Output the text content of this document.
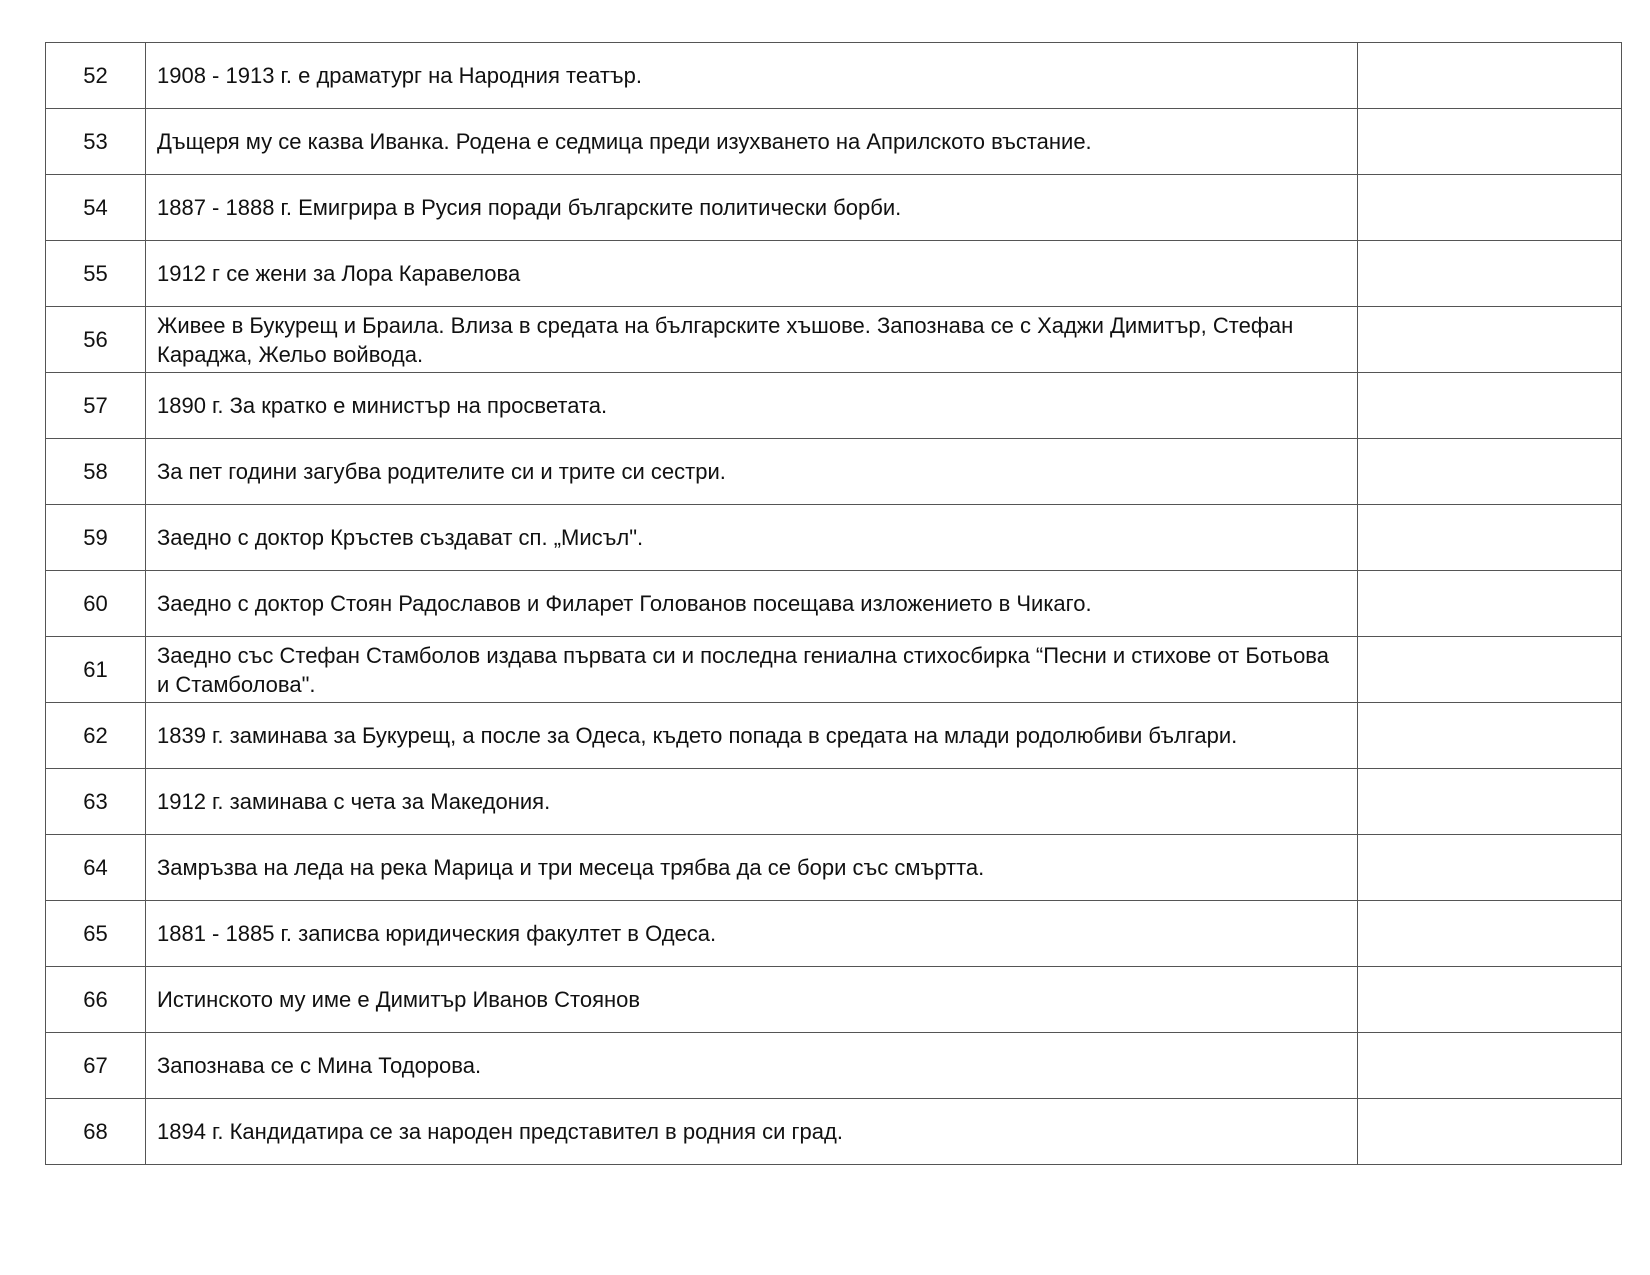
52	1908 - 1913 г. е драматург на Народния театър.	
53	Дъщеря му се казва Иванка. Родена е седмица преди изухването на Априлското въстание.	
54	1887 - 1888 г. Емигрира в Русия поради българските политически борби.	
55	1912 г се жени за Лора Каравелова	
56	Живее в Букурещ и Браила. Влиза в средата на българските хъшове. Запознава се с Хаджи Димитър, Стефан Караджа, Жельо войвода.	
57	1890 г. За кратко е министър на просветата.	
58	За пет години загубва родителите си и трите си сестри.	
59	Заедно с доктор Кръстев създават сп. „Мисъл".	
60	Заедно с доктор Стоян Радославов и Филарет Голованов посещава изложението в Чикаго.	
61	Заедно със Стефан Стамболов издава първата си и последна гениална стихосбирка “Песни и стихове от Ботьова и Стамболова".	
62	1839 г. заминава за Букурещ, а после за Одеса, където попада в средата на млади родолюбиви българи.	
63	1912 г. заминава с чета за Македония.	
64	Замръзва на леда на река Марица и три месеца трябва да се бори със смъртта.	
65	1881 - 1885 г. записва юридическия факултет в Одеса.	
66	Истинското му име е Димитър Иванов Стоянов	
67	Запознава се с Мина Тодорова.	
68	1894 г. Кандидатира се за народен представител в родния си град.	
